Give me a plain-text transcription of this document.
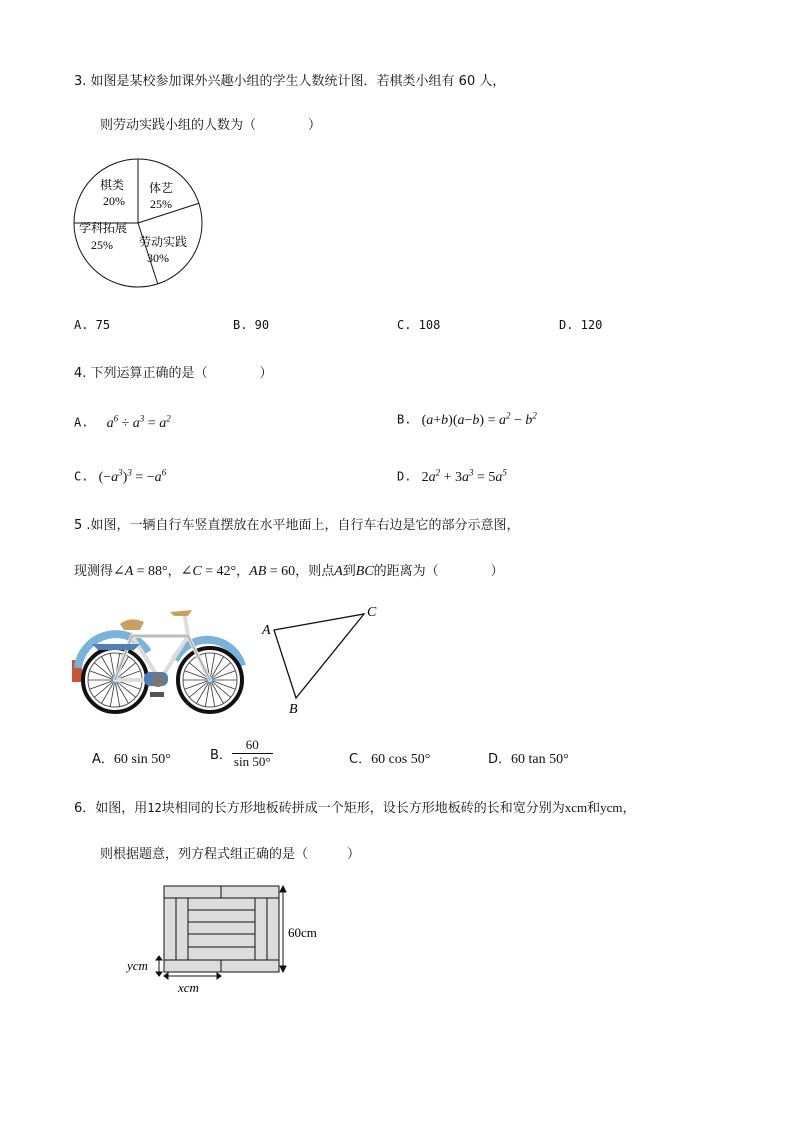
3. 如图是某校参加课外兴趣小组的学生人数统计图．若棋类小组有 60 人，
则劳动实践小组的人数为（　　　　）
棋类
20%
体艺
25%
劳动实践
30%
学科拓展
25%
A. 75	B. 90	C. 108	D. 120
4. 下列运算正确的是（　　　　）
A. $a^6 \div a^3 = a^2$	B. $(a+b)(a-b) = a^2 - b^2$
C. $(-a^3)^3 = -a^6$	D. $2a^2 + 3a^3 = 5a^5$
5 .如图，一辆自行车竖直摆放在水平地面上，自行车右边是它的部分示意图，
现测得∠A = 88°，∠C = 42°，AB = 60，则点A到BC的距离为（　　　　）
A
C
B
A．60 sin 50°	B． $\frac{60}{\sin 50^\circ}$	C．60 cos 50°	D．60 tan 50°
6．如图，用12块相同的长方形地板砖拼成一个矩形，设长方形地板砖的长和宽分别为xcm和ycm，
则根据题意，列方程式组正确的是（　　　）
60cm
ycm
xcm
